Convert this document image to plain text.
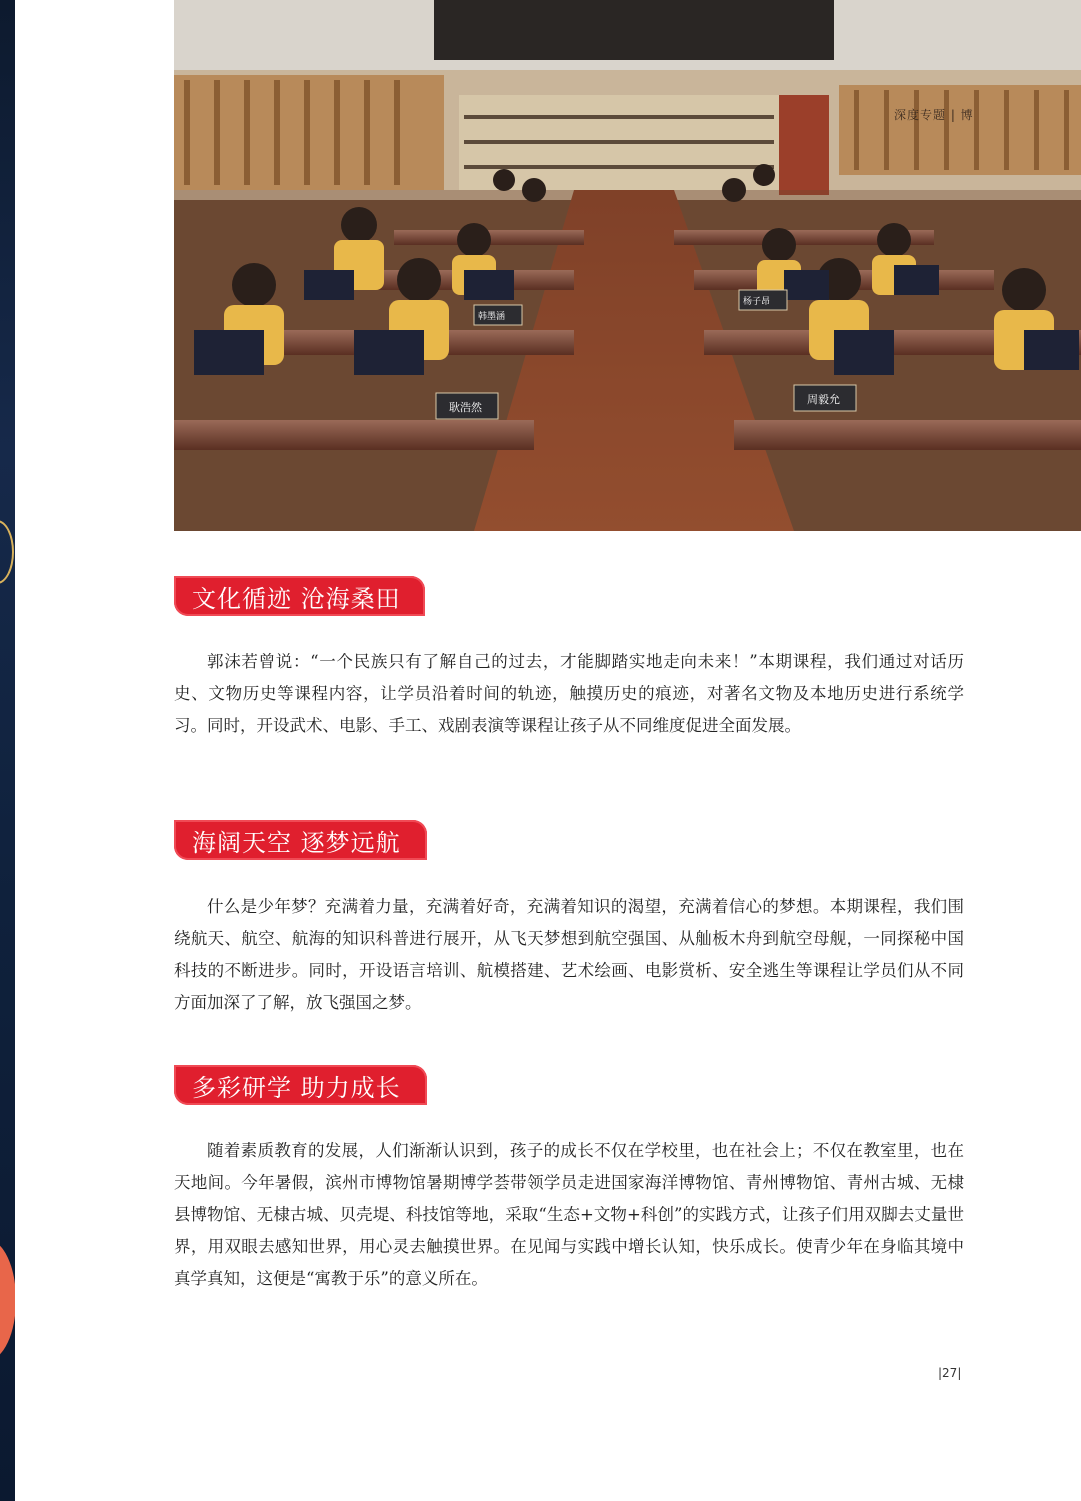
耿浩然
周毅允
杨子昂
韩墨涵
深度专题 | 博
文化循迹 沧海桑田
郭沫若曾说：“一个民族只有了解自己的过去，才能脚踏实地走向未来！”本期课程，我们通过对话历史、文物历史等课程内容，让学员沿着时间的轨迹，触摸历史的痕迹，对著名文物及本地历史进行系统学习。同时，开设武术、电影、手工、戏剧表演等课程让孩子从不同维度促进全面发展。
海阔天空 逐梦远航
什么是少年梦？充满着力量，充满着好奇，充满着知识的渴望，充满着信心的梦想。本期课程，我们围绕航天、航空、航海的知识科普进行展开，从飞天梦想到航空强国、从舢板木舟到航空母舰，一同探秘中国科技的不断进步。同时，开设语言培训、航模搭建、艺术绘画、电影赏析、安全逃生等课程让学员们从不同方面加深了了解，放飞强国之梦。
多彩研学 助力成长
随着素质教育的发展，人们渐渐认识到，孩子的成长不仅在学校里，也在社会上；不仅在教室里，也在天地间。今年暑假，滨州市博物馆暑期博学荟带领学员走进国家海洋博物馆、青州博物馆、青州古城、无棣县博物馆、无棣古城、贝壳堤、科技馆等地，采取“生态+文物+科创”的实践方式，让孩子们用双脚去丈量世界，用双眼去感知世界，用心灵去触摸世界。在见闻与实践中增长认知，快乐成长。使青少年在身临其境中真学真知，这便是“寓教于乐”的意义所在。
|27|
